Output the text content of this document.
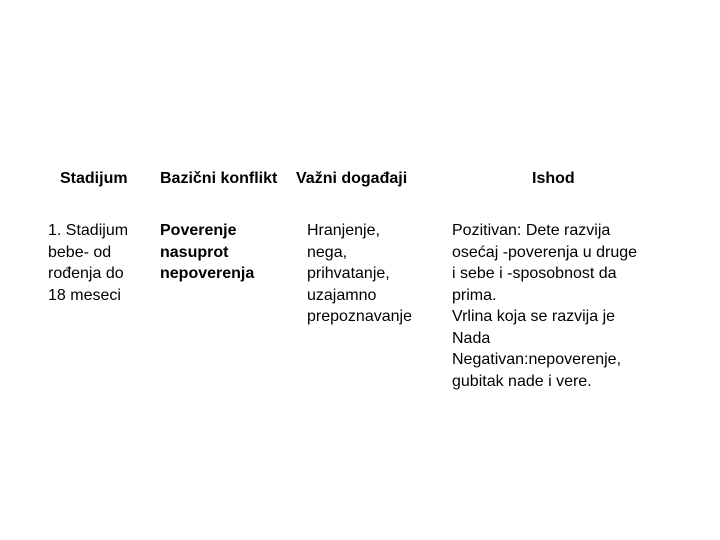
Stadijum Bazični konflikt Važni događaji	Ishod
1. Stadijum
bebe- od
rođenja do
18 meseci
Poverenje
nasuprot
nepoverenja
Hranjenje,
nega,
prihvatanje,
uzajamno
prepoznavanje
Pozitivan: Dete razvija
osećaj -poverenja u druge
i sebe i -sposobnost da
prima.
Vrlina koja se razvija je
Nada
Negativan:nepoverenje,
gubitak nade i vere.
